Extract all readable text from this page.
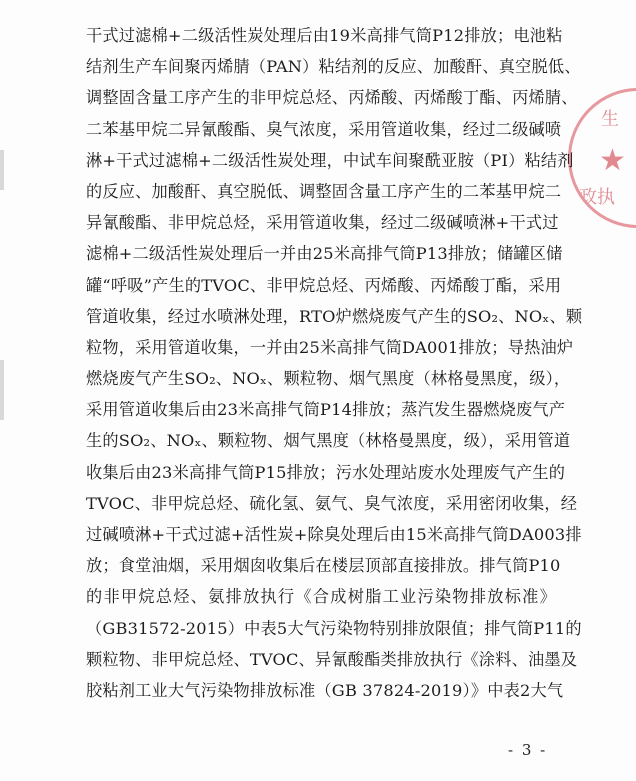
生
★
政执
干式过滤棉+二级活性炭处理后由19米高排气筒P12排放；电池粘
结剂生产车间聚丙烯腈（PAN）粘结剂的反应、加酸酐、真空脱低、
调整固含量工序产生的非甲烷总烃、丙烯酸、丙烯酸丁酯、丙烯腈、
二苯基甲烷二异氰酸酯、臭气浓度，采用管道收集，经过二级碱喷
淋+干式过滤棉+二级活性炭处理，中试车间聚酰亚胺（PI）粘结剂
的反应、加酸酐、真空脱低、调整固含量工序产生的二苯基甲烷二
异氰酸酯、非甲烷总烃，采用管道收集，经过二级碱喷淋+干式过
滤棉+二级活性炭处理后一并由25米高排气筒P13排放；储罐区储
罐“呼吸”产生的TVOC、非甲烷总烃、丙烯酸、丙烯酸丁酯，采用
管道收集，经过水喷淋处理，RTO炉燃烧废气产生的SO₂、NOₓ、颗
粒物，采用管道收集，一并由25米高排气筒DA001排放；导热油炉
燃烧废气产生SO₂、NOₓ、颗粒物、烟气黑度（林格曼黑度，级），
采用管道收集后由23米高排气筒P14排放；蒸汽发生器燃烧废气产
生的SO₂、NOₓ、颗粒物、烟气黑度（林格曼黑度，级），采用管道
收集后由23米高排气筒P15排放；污水处理站废水处理废气产生的
TVOC、非甲烷总烃、硫化氢、氨气、臭气浓度，采用密闭收集，经
过碱喷淋+干式过滤+活性炭+除臭处理后由15米高排气筒DA003排
放；食堂油烟，采用烟囱收集后在楼层顶部直接排放。排气筒P10
的非甲烷总烃、氨排放执行《合成树脂工业污染物排放标准》
（GB31572-2015）中表5大气污染物特别排放限值；排气筒P11的
颗粒物、非甲烷总烃、TVOC、异氰酸酯类排放执行《涂料、油墨及
胶粘剂工业大气污染物排放标准（GB 37824-2019）》中表2大气
- 3 -
